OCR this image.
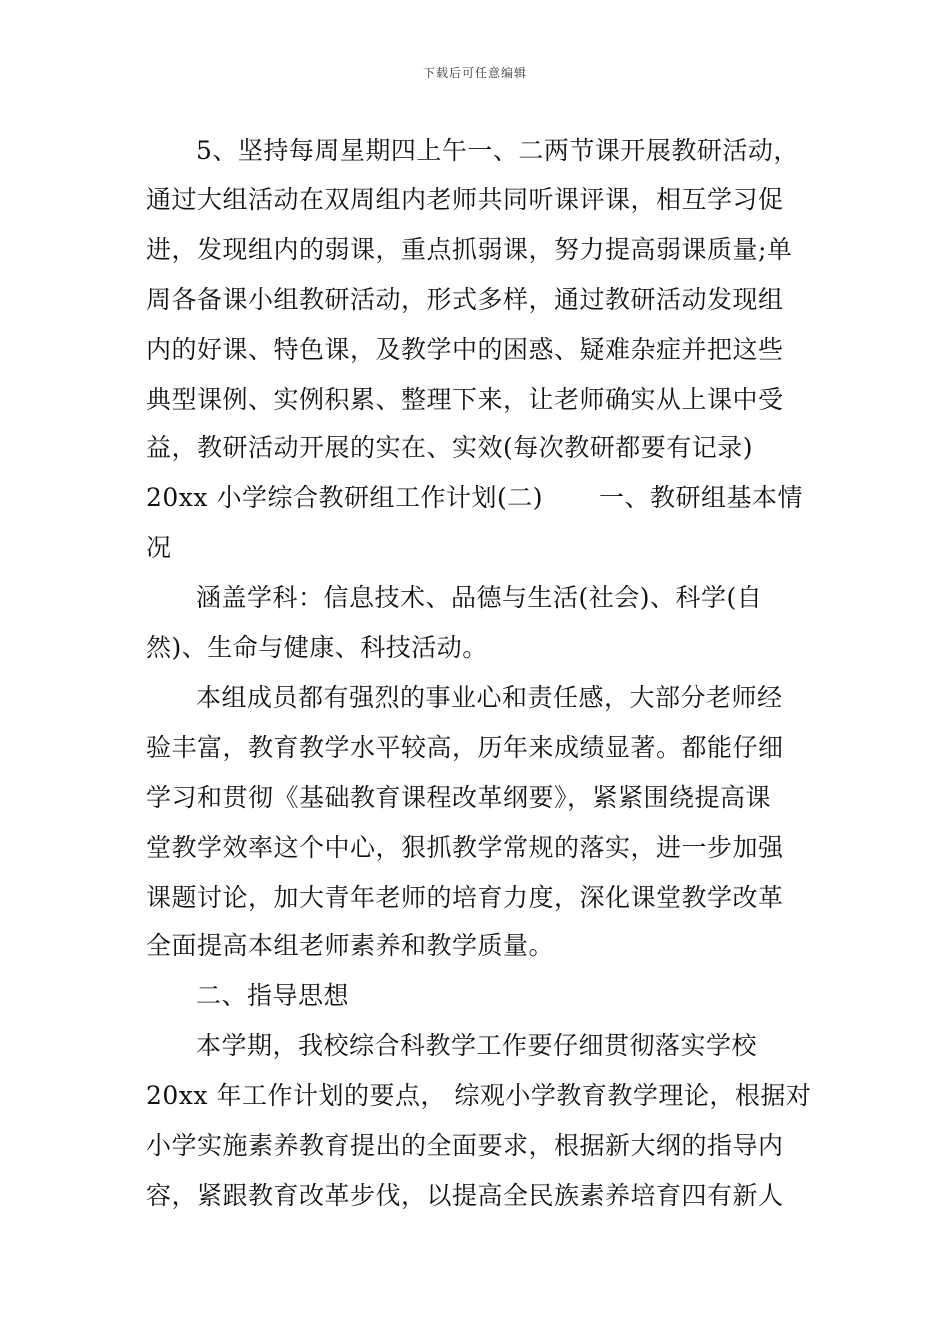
下载后可任意编辑
5、坚持每周星期四上午一、二两节课开展教研活动，
通过大组活动在双周组内老师共同听课评课，相互学习促
进，发现组内的弱课，重点抓弱课，努力提高弱课质量;单
周各备课小组教研活动，形式多样，通过教研活动发现组
内的好课、特色课，及教学中的困惑、疑难杂症并把这些
典型课例、实例积累、整理下来，让老师确实从上课中受
益，教研活动开展的实在、实效(每次教研都要有记录)
20xx 小学综合教研组工作计划(二) 一、教研组基本情
况
涵盖学科：信息技术、品德与生活(社会)、科学(自
然)、生命与健康、科技活动。
本组成员都有强烈的事业心和责任感，大部分老师经
验丰富，教育教学水平较高，历年来成绩显著。都能仔细
学习和贯彻《基础教育课程改革纲要》，紧紧围绕提高课
堂教学效率这个中心，狠抓教学常规的落实，进一步加强
课题讨论，加大青年老师的培育力度，深化课堂教学改革
全面提高本组老师素养和教学质量。
二、指导思想
本学期，我校综合科教学工作要仔细贯彻落实学校
20xx 年工作计划的要点， 综观小学教育教学理论，根据对
小学实施素养教育提出的全面要求，根据新大纲的指导内
容，紧跟教育改革步伐，以提高全民族素养培育四有新人
